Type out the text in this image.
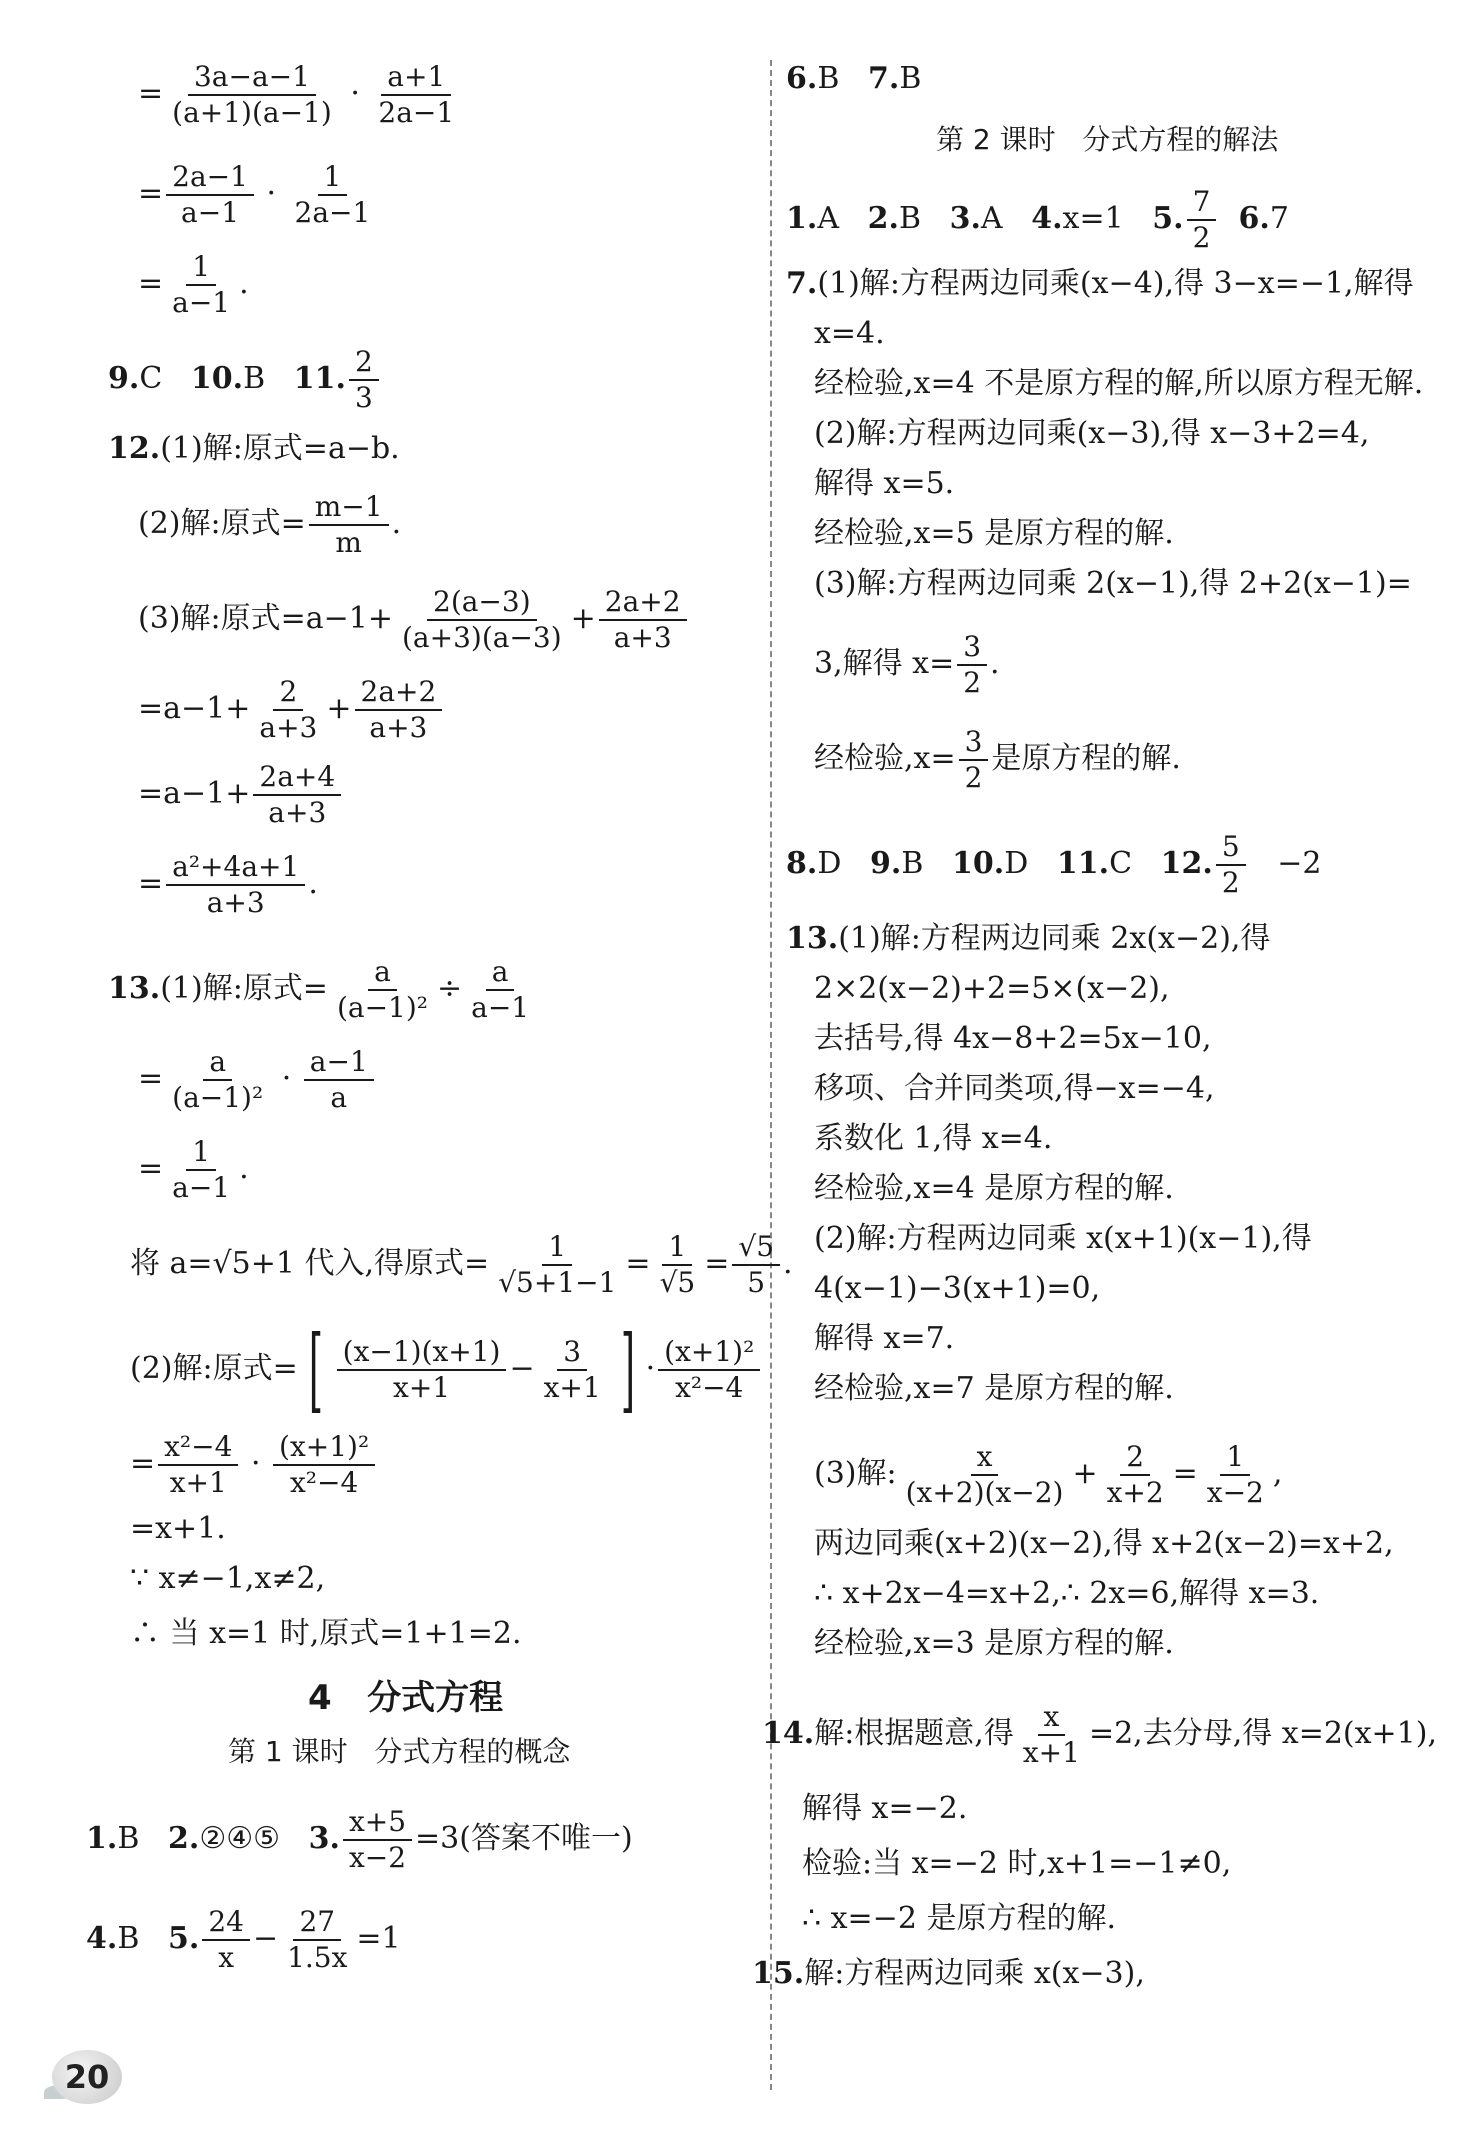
= $\frac{3a-a-1}{(a+1)(a-1)} \cdot \frac{a+1}{2a-1}$
= $\frac{2a-1}{a-1} \cdot \frac{1}{2a-1}$
= $\frac{1}{a-1}$ .
9.C   10.B   11. $\frac{2}{3}$
12.(1)解:原式=a−b.
(2)解:原式= $\frac{m-1}{m}$ .
(3)解:原式$=a-1+ \frac{2(a-3)}{(a+3)(a-3)} + \frac{2a+2}{a+3}$
$=a-1+ \frac{2}{a+3} + \frac{2a+2}{a+3}$
$=a-1+ \frac{2a+4}{a+3}$
= $\frac{\text{a²+4a+1}}{a+3}$ .
13.(1)解:原式= $\frac{a}{\text{(a−1)²}} \div \frac{a}{a-1}$
= $\frac{a}{\text{(a−1)²}} \cdot \frac{a-1}{a}$
= $\frac{1}{a-1}$ .
将 a=√5+1 代入,得原式= $\frac{1}{√5+1-1} = \frac{1}{√5} = \frac{√5}{5}$ .
(2)解:原式= [ $\frac{(x-1)(x+1)}{x+1} - \frac{3}{x+1}$ ] · $\frac{\text{(x+1)²}}{\text{x²−4}}$
= $\frac{\text{x²−4}}{x+1} \cdot \frac{\text{(x+1)²}}{\text{x²−4}}$
=x+1.
∵ x≠−1,x≠2,
∴ 当 x=1 时,原式=1+1=2.
4 分式方程
第 1 课时   分式方程的概念
1.B   2.②④⑤   3. $\frac{x+5}{x-2} =3$(答案不唯一)
4.B   5. $\frac{24}{x} - \frac{27}{1.5x} =1$
6.B   7.B
第 2 课时   分式方程的解法
1.A   2.B   3.A   4.x=1   5. $\frac{7}{2} 6.7$
7.(1)解:方程两边同乘(x−4),得 3−x=−1,解得
x=4.
经检验,x=4 不是原方程的解,所以原方程无解.
(2)解:方程两边同乘(x−3),得 x−3+2=4,
解得 x=5.
经检验,x=5 是原方程的解.
(3)解:方程两边同乘 2(x−1),得 2+2(x−1)=
3,解得 $x= \frac{3}{2}$ .
经检验$,x= \frac{3}{2}$ 是原方程的解.
8.D   9.B   10.D   11.C   12. $\frac{5}{2} -2$
13.(1)解:方程两边同乘 2x(x−2),得
2×2(x−2)+2=5×(x−2),
去括号,得 4x−8+2=5x−10,
移项、合并同类项,得−x=−4,
系数化 1,得 x=4.
经检验,x=4 是原方程的解.
(2)解:方程两边同乘 x(x+1)(x−1),得
4(x−1)−3(x+1)=0,
解得 x=7.
经检验,x=7 是原方程的解.
(3)解: $\frac{x}{(x+2)(x-2)} + \frac{2}{x+2} = \frac{1}{x-2}$ ,
两边同乘(x+2)(x−2),得 x+2(x−2)=x+2,
∴ x+2x−4=x+2,∴ 2x=6,解得 x=3.
经检验,x=3 是原方程的解.
14.解:根据题意,得 $\frac{x}{x+1} =2$,去分母,得 x=2(x+1),
解得 x=−2.
检验:当 x=−2 时,x+1=−1≠0,
∴ x=−2 是原方程的解.
15.解:方程两边同乘 x(x−3),
20
